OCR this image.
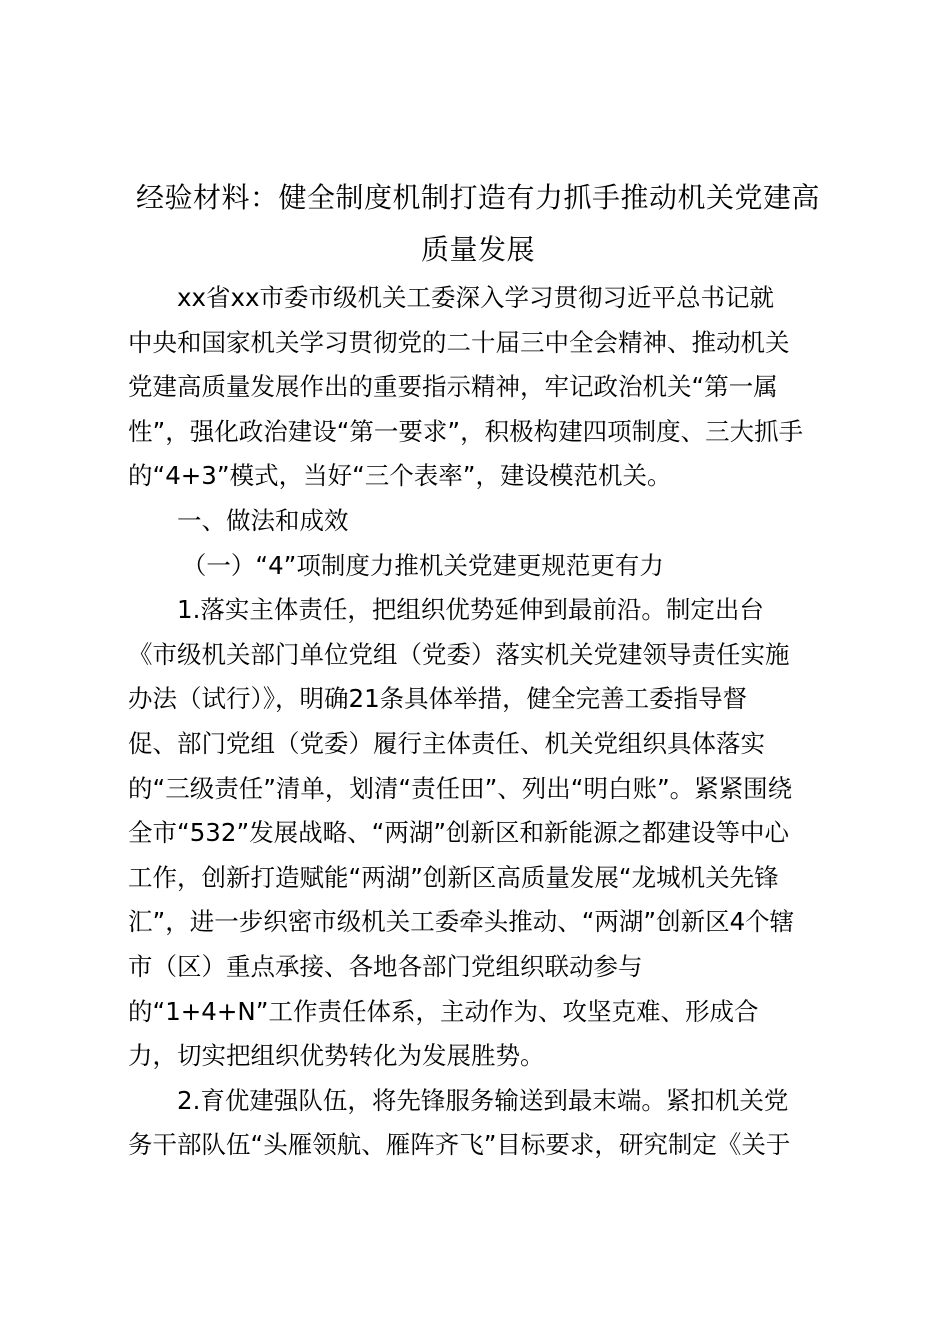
经验材料：健全制度机制打造有力抓手推动机关党建高
质量发展

xx省xx市委市级机关工委深入学习贯彻习近平总书记就
中央和国家机关学习贯彻党的二十届三中全会精神、推动机关
党建高质量发展作出的重要指示精神，牢记政治机关“第一属
性”，强化政治建设“第一要求”，积极构建四项制度、三大抓手
的“4+3”模式，当好“三个表率”，建设模范机关。

一、做法和成效

（一）“4”项制度力推机关党建更规范更有力

1.落实主体责任，把组织优势延伸到最前沿。制定出台
《市级机关部门单位党组（党委）落实机关党建领导责任实施
办法（试行）》，明确21条具体举措，健全完善工委指导督
促、部门党组（党委）履行主体责任、机关党组织具体落实
的“三级责任”清单，划清“责任田”、列出“明白账”。紧紧围绕
全市“532”发展战略、“两湖”创新区和新能源之都建设等中心
工作，创新打造赋能“两湖”创新区高质量发展“龙城机关先锋
汇”，进一步织密市级机关工委牵头推动、“两湖”创新区4个辖
市（区）重点承接、各地各部门党组织联动参与
的“1+4+N”工作责任体系，主动作为、攻坚克难、形成合
力，切实把组织优势转化为发展胜势。

2.育优建强队伍，将先锋服务输送到最末端。紧扣机关党
务干部队伍“头雁领航、雁阵齐飞”目标要求，研究制定《关于
